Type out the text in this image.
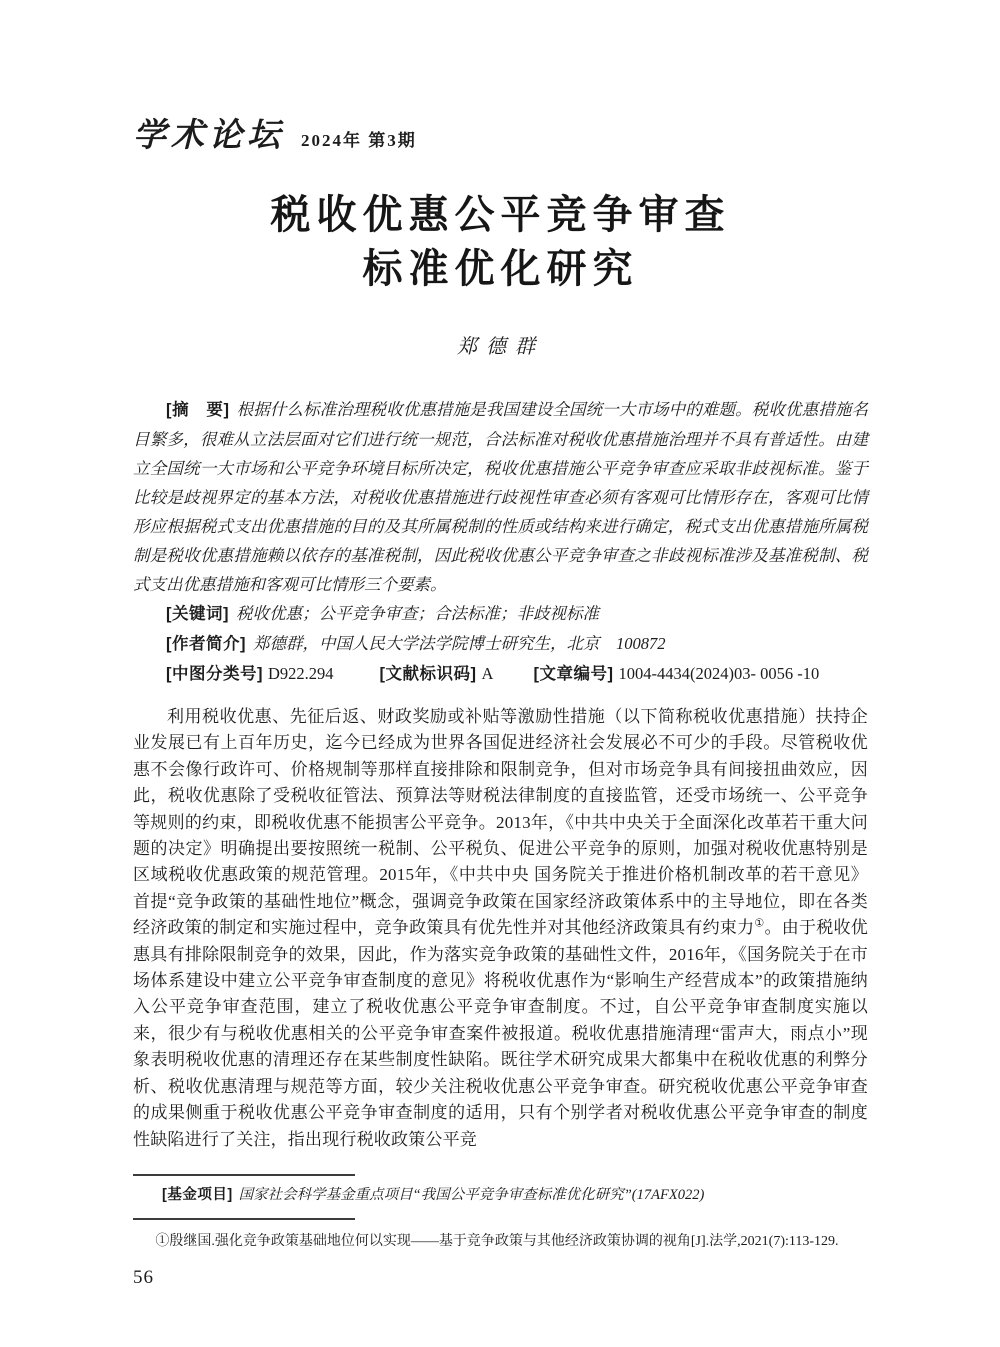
学术论坛 2024年 第3期
税收优惠公平竞争审查
标准优化研究
郑德群

[摘　要] 根据什么标准治理税收优惠措施是我国建设全国统一大市场中的难题。税收优惠措施名目繁多，很难从立法层面对它们进行统一规范，合法标准对税收优惠措施治理并不具有普适性。由建立全国统一大市场和公平竞争环境目标所决定，税收优惠措施公平竞争审查应采取非歧视标准。鉴于比较是歧视界定的基本方法，对税收优惠措施进行歧视性审查必须有客观可比情形存在，客观可比情形应根据税式支出优惠措施的目的及其所属税制的性质或结构来进行确定，税式支出优惠措施所属税制是税收优惠措施赖以依存的基准税制，因此税收优惠公平竞争审查之非歧视标准涉及基准税制、税式支出优惠措施和客观可比情形三个要素。

[关键词] 税收优惠；公平竞争审查；合法标准；非歧视标准

[作者简介] 郑德群，中国人民大学法学院博士研究生，北京　100872

[中图分类号] D922.294	[文献标识码] A [文章编号] 1004-4434(2024)03- 0056 -10

利用税收优惠、先征后返、财政奖励或补贴等激励性措施（以下简称税收优惠措施）扶持企业发展已有上百年历史，迄今已经成为世界各国促进经济社会发展必不可少的手段。尽管税收优惠不会像行政许可、价格规制等那样直接排除和限制竞争，但对市场竞争具有间接扭曲效应，因此，税收优惠除了受税收征管法、预算法等财税法律制度的直接监管，还受市场统一、公平竞争等规则的约束，即税收优惠不能损害公平竞争。2013年，《中共中央关于全面深化改革若干重大问题的决定》明确提出要按照统一税制、公平税负、促进公平竞争的原则，加强对税收优惠特别是区域税收优惠政策的规范管理。2015年，《中共中央 国务院关于推进价格机制改革的若干意见》首提“竞争政策的基础性地位”概念，强调竞争政策在国家经济政策体系中的主导地位，即在各类经济政策的制定和实施过程中，竞争政策具有优先性并对其他经济政策具有约束力①。由于税收优惠具有排除限制竞争的效果，因此，作为落实竞争政策的基础性文件，2016年，《国务院关于在市场体系建设中建立公平竞争审查制度的意见》将税收优惠作为“影响生产经营成本”的政策措施纳入公平竞争审查范围，建立了税收优惠公平竞争审查制度。不过，自公平竞争审查制度实施以来，很少有与税收优惠相关的公平竞争审查案件被报道。税收优惠措施清理“雷声大，雨点小”现象表明税收优惠的清理还存在某些制度性缺陷。既往学术研究成果大都集中在税收优惠的利弊分析、税收优惠清理与规范等方面，较少关注税收优惠公平竞争审查。研究税收优惠公平竞争审查的成果侧重于税收优惠公平竞争审查制度的适用，只有个别学者对税收优惠公平竞争审查的制度性缺陷进行了关注，指出现行税收政策公平竞

[基金项目] 国家社会科学基金重点项目“我国公平竞争审查标准优化研究”(17AFX022)

①殷继国.强化竞争政策基础地位何以实现——基于竞争政策与其他经济政策协调的视角[J].法学,2021(7):113-129.

56
